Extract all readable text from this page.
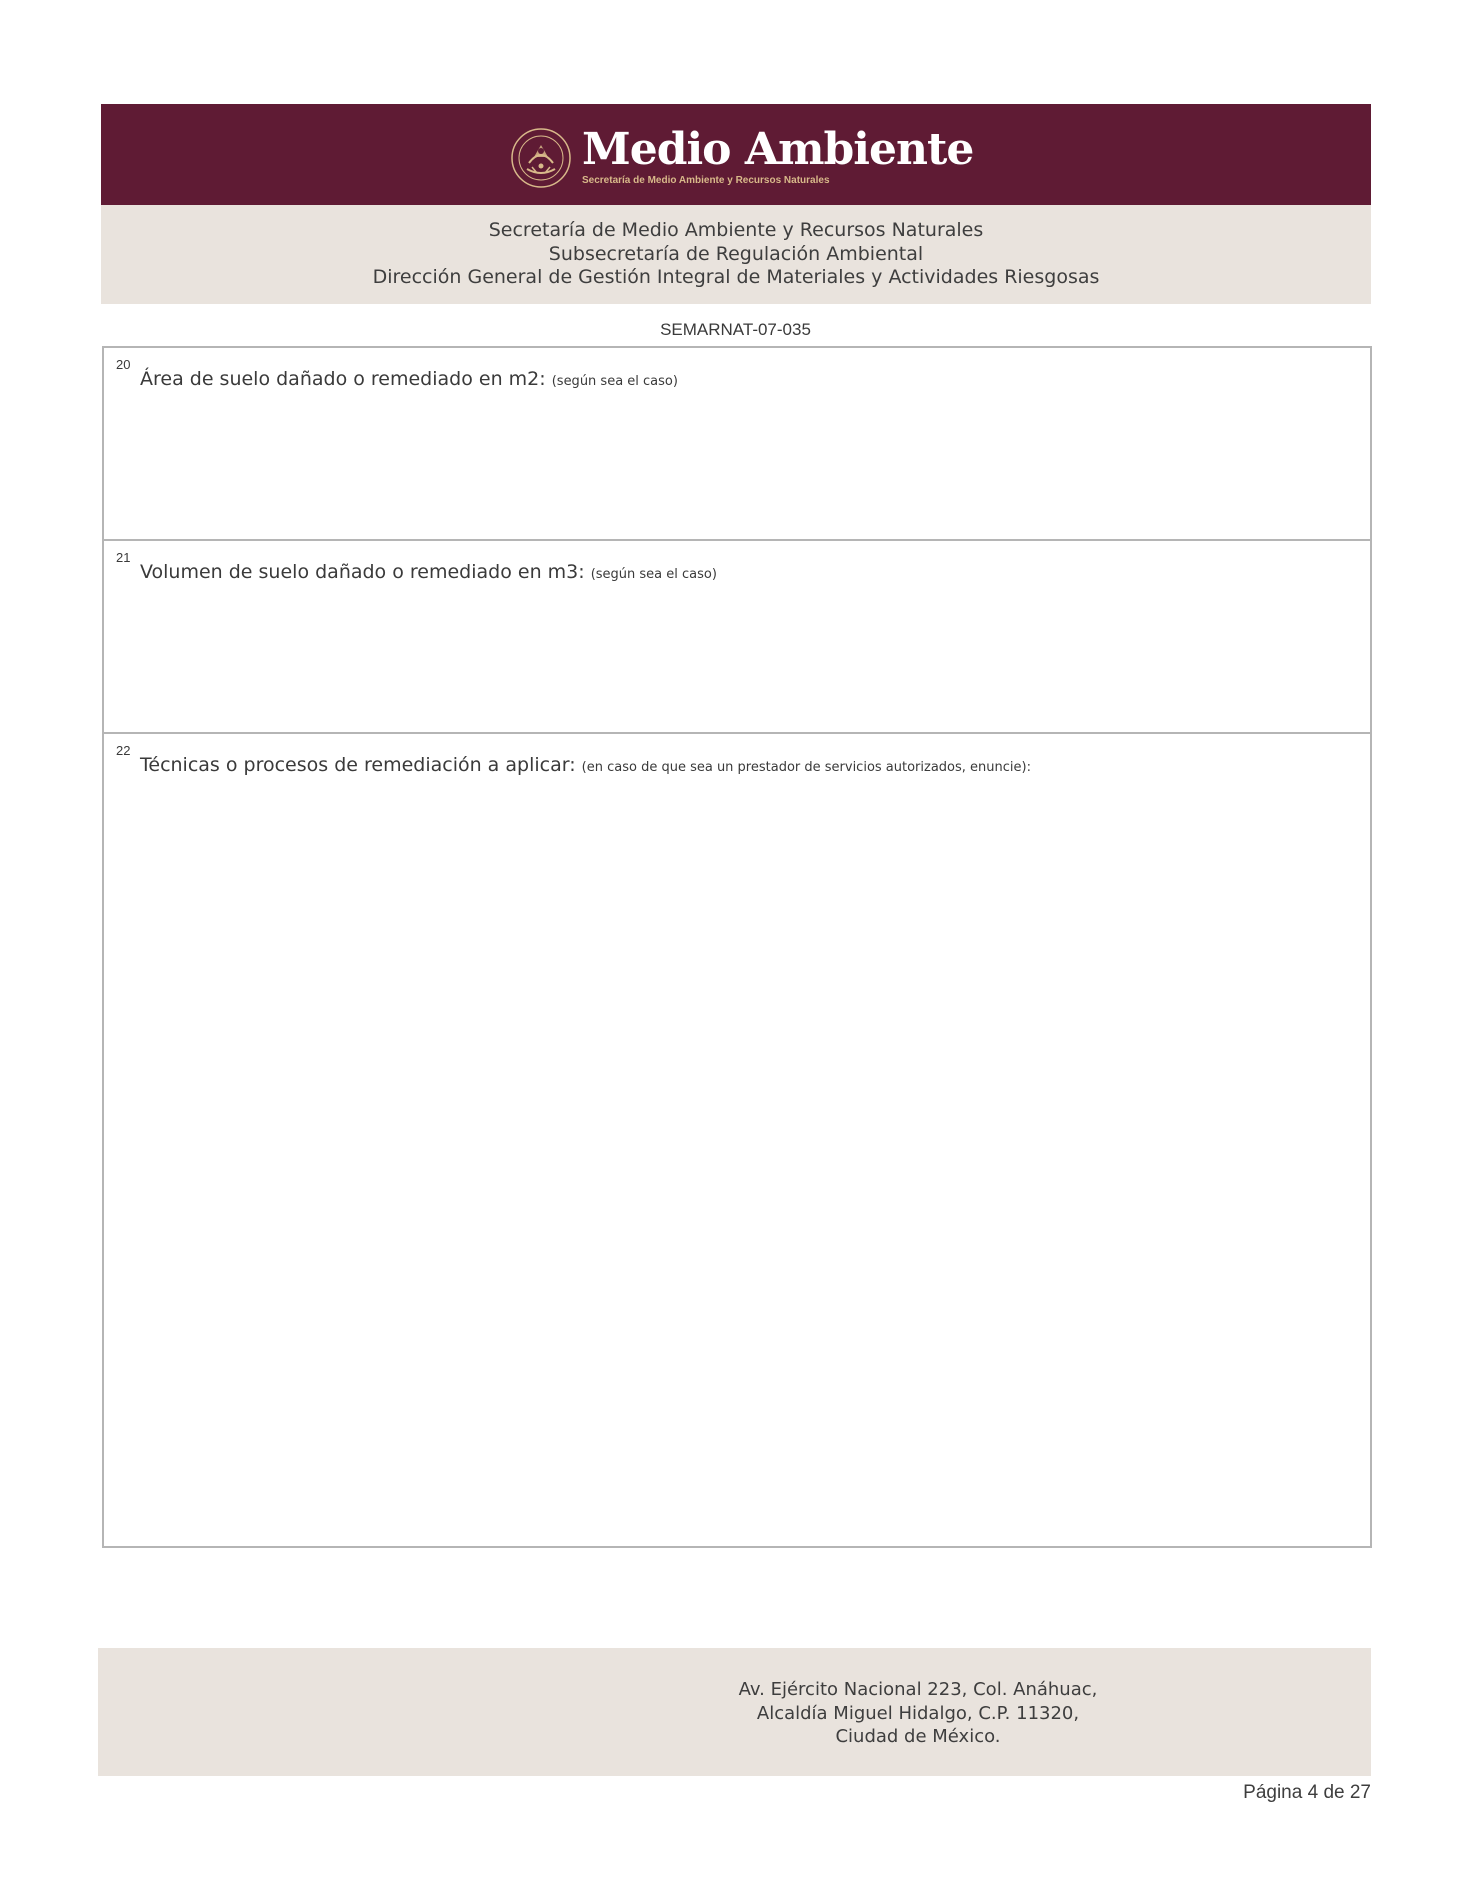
Medio Ambiente
Secretaría de Medio Ambiente y Recursos Naturales
Secretaría de Medio Ambiente y Recursos Naturales
Subsecretaría de Regulación Ambiental
Dirección General de Gestión Integral de Materiales y Actividades Riesgosas
SEMARNAT-07-035
20
Área de suelo dañado o remediado en m2: (según sea el caso)
21
Volumen de suelo dañado o remediado en m3: (según sea el caso)
22
Técnicas o procesos de remediación a aplicar: (en caso de que sea un prestador de servicios autorizados, enuncie):
Av. Ejército Nacional 223, Col. Anáhuac,
Alcaldía Miguel Hidalgo, C.P. 11320,
Ciudad de México.
Página 4 de 27
